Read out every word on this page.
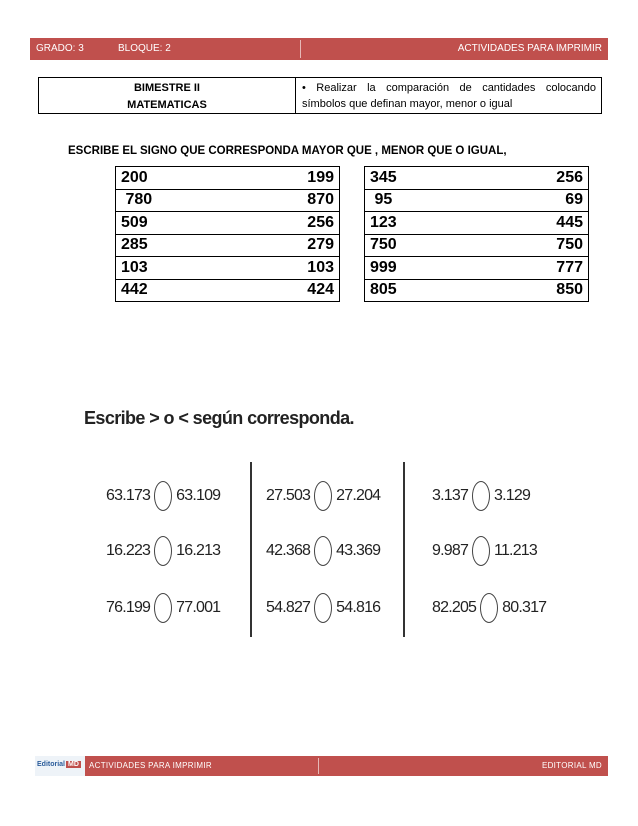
GRADO: 3	BLOQUE: 2	ACTIVIDADES PARA IMPRIMIR
BIMESTRE II
MATEMATICAS
• Realizar la comparación de cantidades colocando símbolos que definan mayor, menor o igual
ESCRIBE EL SIGNO QUE CORRESPONDA MAYOR QUE , MENOR QUE O IGUAL,
200	199

780	870

509	256

285	279

103	103

442	424
345	256

95	69

123	445

750	750

999	777

805	850
Escribe > o < según corresponda.
63.173 63.109
16.223 16.213
76.199 77.001
27.503 27.204
42.368 43.369
54.827 54.816
3.137 3.129
9.987 11.213
82.205 80.317
Editorial MD	ACTIVIDADES PARA IMPRIMIR	EDITORIAL MD
